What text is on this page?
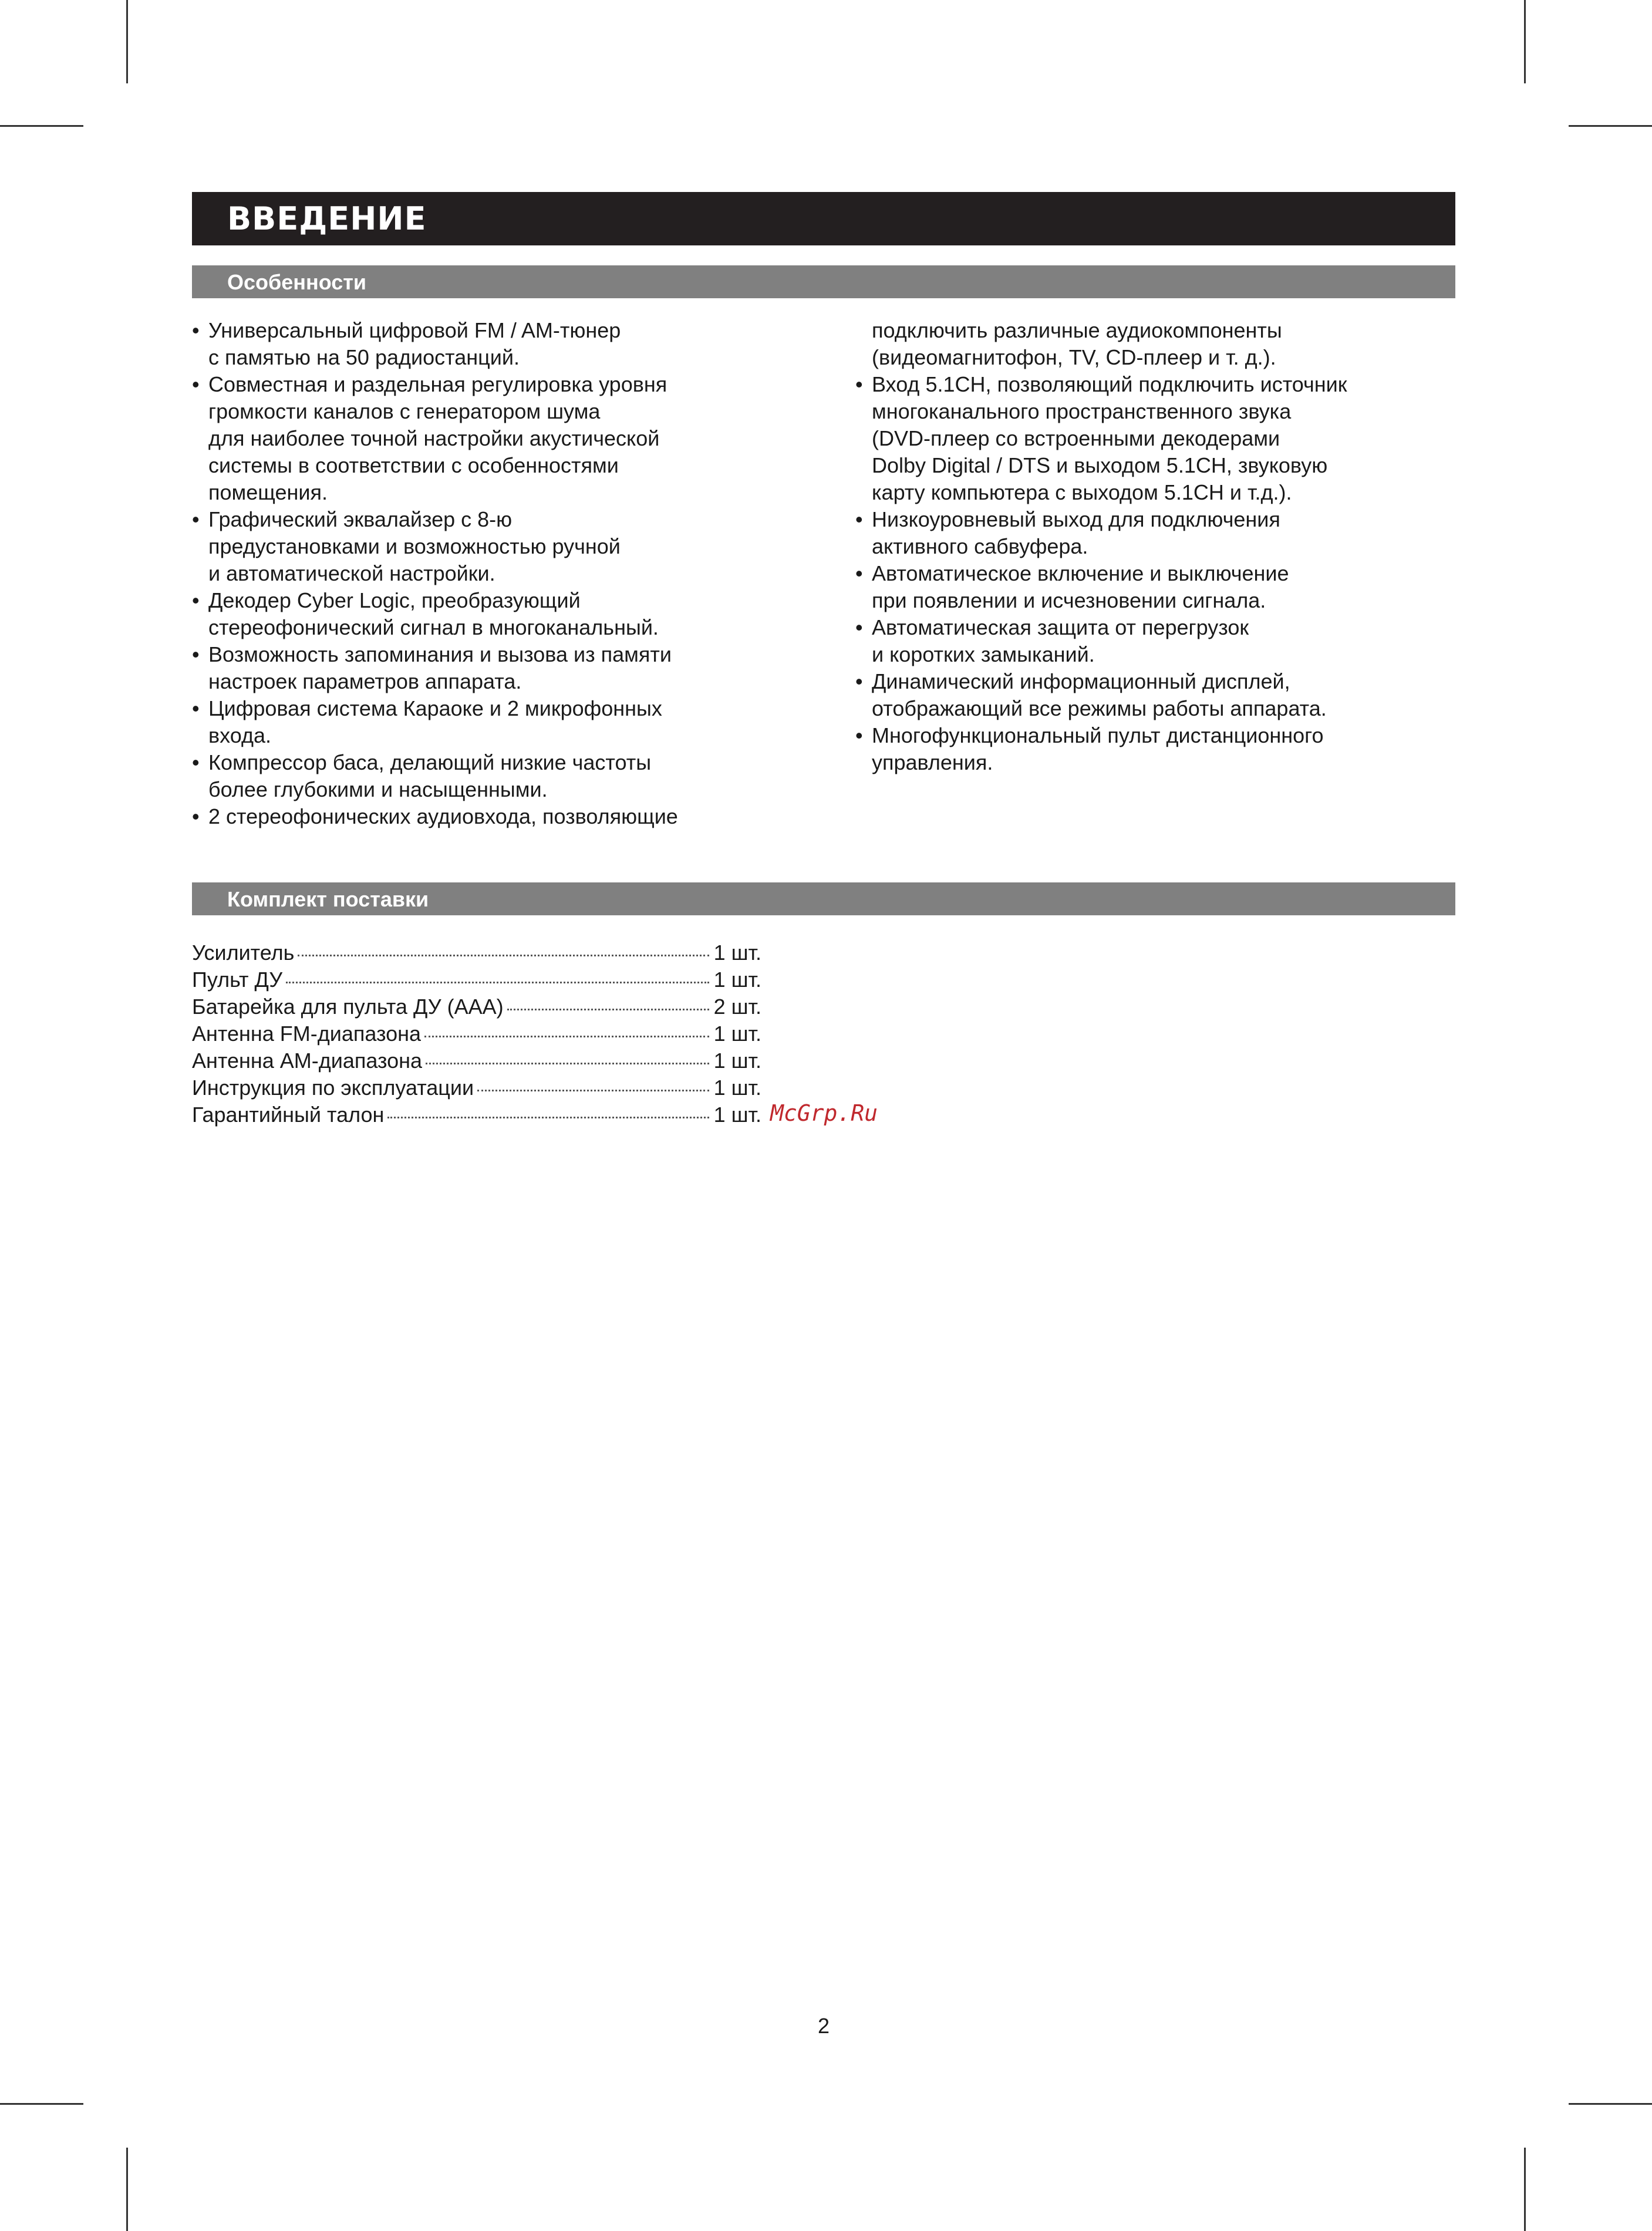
ВВЕДЕНИЕ
Особенности
• Универсальный цифровой FM / AM-тюнер
с памятью на 50 радиостанций.
• Совместная и раздельная регулировка уровня
громкости каналов с генератором шума
для наиболее точной настройки акустической
системы в соответствии с особенностями
помещения.
• Графический эквалайзер с 8-ю
предустановками и возможностью ручной
и автоматической настройки.
• Декодер Cyber Logic, преобразующий
стереофонический сигнал в многоканальный.
• Возможность запоминания и вызова из памяти
настроек параметров аппарата.
• Цифровая система Караоке и 2 микрофонных
входа.
• Компрессор баса, делающий низкие частоты
более глубокими и насыщенными.
• 2 стереофонических аудиовхода, позволяющие
подключить различные аудиокомпоненты
(видеомагнитофон, TV, CD-плеер и т. д.).
• Вход 5.1CH, позволяющий подключить источник
многоканального пространственного звука
(DVD-плеер со встроенными декодерами
Dolby Digital / DTS и выходом 5.1CH, звуковую
карту компьютера с выходом 5.1CH и т.д.).
• Низкоуровневый выход для подключения
активного сабвуфера.
• Автоматическое включение и выключение
при появлении и исчезновении сигнала.
• Автоматическая защита от перегрузок
и коротких замыканий.
• Динамический информационный дисплей,
отображающий все режимы работы аппарата.
• Многофункциональный пульт дистанционного
управления.
Комплект поставки
Усилитель	1 шт.
Пульт ДУ	1 шт.
Батарейка для пульта ДУ (ААА)	2 шт.
Антенна FM-диапазона	1 шт.
Антенна AM-диапазона	1 шт.
Инструкция по эксплуатации	1 шт.
Гарантийный талон	1 шт. McGrp.Ru
2
